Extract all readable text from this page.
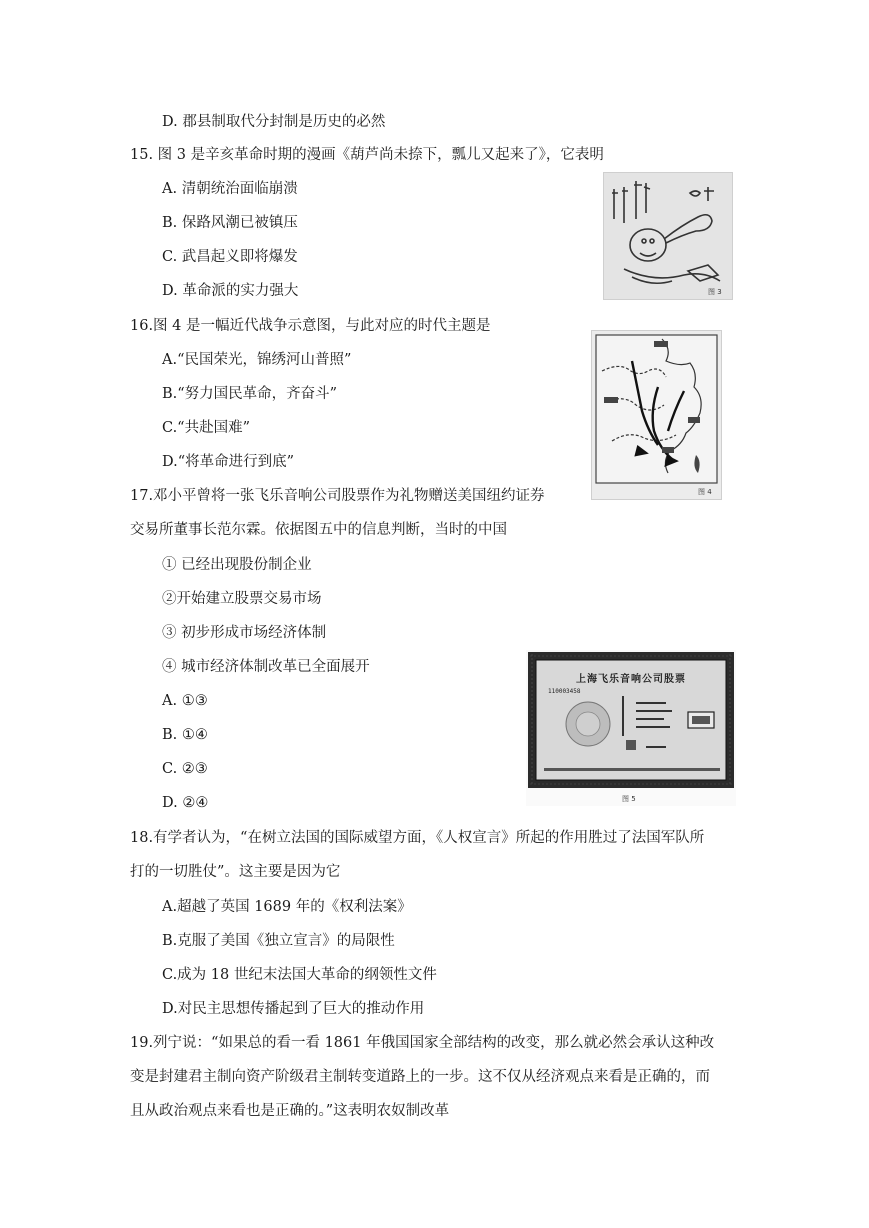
D. 郡县制取代分封制是历史的必然
15. 图 3 是辛亥革命时期的漫画《葫芦尚未捺下，瓢儿又起来了》，它表明
A. 清朝统治面临崩溃
B. 保路风潮已被镇压
C. 武昌起义即将爆发
D. 革命派的实力强大	图 3
16.图 4 是一幅近代战争示意图，与此对应的时代主题是
A.“民国荣光，锦绣河山普照”
B.“努力国民革命，齐奋斗”
C.“共赴国难”
D.“将革命进行到底”
图 4
17.邓小平曾将一张飞乐音响公司股票作为礼物赠送美国纽约证券
交易所董事长范尔霖。依据图五中的信息判断，当时的中国
① 已经出现股份制企业
②开始建立股票交易市场
③ 初步形成市场经济体制
④ 城市经济体制改革已全面展开
A. ①③
B. ①④
C. ②③
D. ②④
上海飞乐音响公司股票
110003458
图 5
18.有学者认为，“在树立法国的国际威望方面，《人权宣言》所起的作用胜过了法国军队所
打的一切胜仗”。这主要是因为它
A.超越了英国 1689 年的《权利法案》
B.克服了美国《独立宣言》的局限性
C.成为 18 世纪末法国大革命的纲领性文件
D.对民主思想传播起到了巨大的推动作用
19.列宁说：“如果总的看一看 1861 年俄国国家全部结构的改变，那么就必然会承认这种改
变是封建君主制向资产阶级君主制转变道路上的一步。这不仅从经济观点来看是正确的，而
且从政治观点来看也是正确的。”这表明农奴制改革
